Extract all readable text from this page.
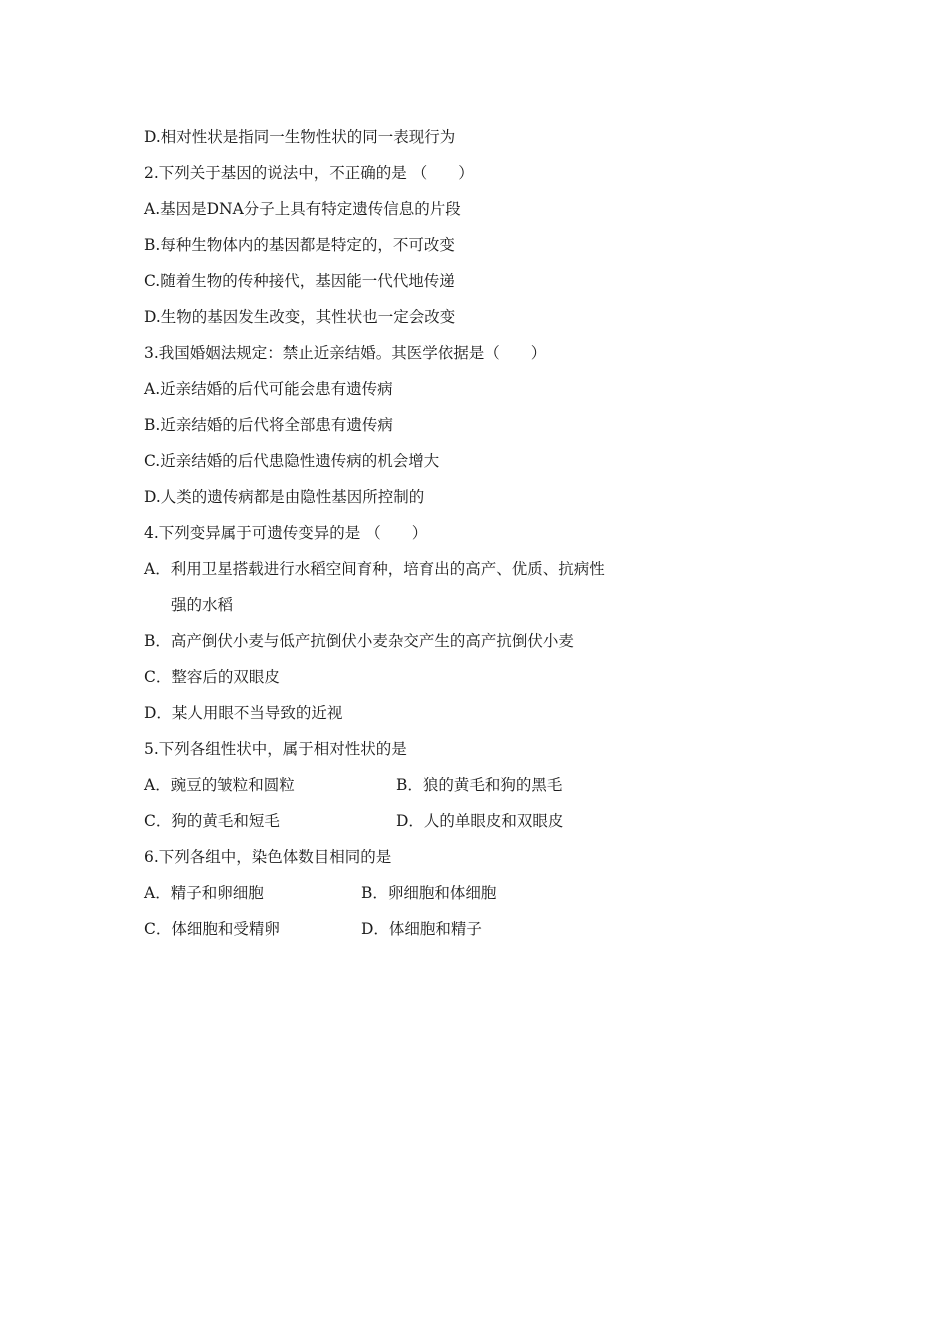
D.相对性状是指同一生物性状的同一表现行为
2.下列关于基因的说法中，不正确的是 （　　）
A.基因是DNA分子上具有特定遗传信息的片段
B.每种生物体内的基因都是特定的，不可改变
C.随着生物的传种接代，基因能一代代地传递
D.生物的基因发生改变，其性状也一定会改变
3.我国婚姻法规定：禁止近亲结婚。其医学依据是（　　）
A.近亲结婚的后代可能会患有遗传病
B.近亲结婚的后代将全部患有遗传病
C.近亲结婚的后代患隐性遗传病的机会增大
D.人类的遗传病都是由隐性基因所控制的
4.下列变异属于可遗传变异的是 （　　）
A．利用卫星搭载进行水稻空间育种，培育出的高产、优质、抗病性
强的水稻
B．高产倒伏小麦与低产抗倒伏小麦杂交产生的高产抗倒伏小麦
C．整容后的双眼皮
D．某人用眼不当导致的近视
5.下列各组性状中，属于相对性状的是
A．豌豆的皱粒和圆粒	B．狼的黄毛和狗的黑毛
C．狗的黄毛和短毛	D．人的单眼皮和双眼皮
6.下列各组中，染色体数目相同的是
A．精子和卵细胞	B．卵细胞和体细胞
C．体细胞和受精卵	D．体细胞和精子
